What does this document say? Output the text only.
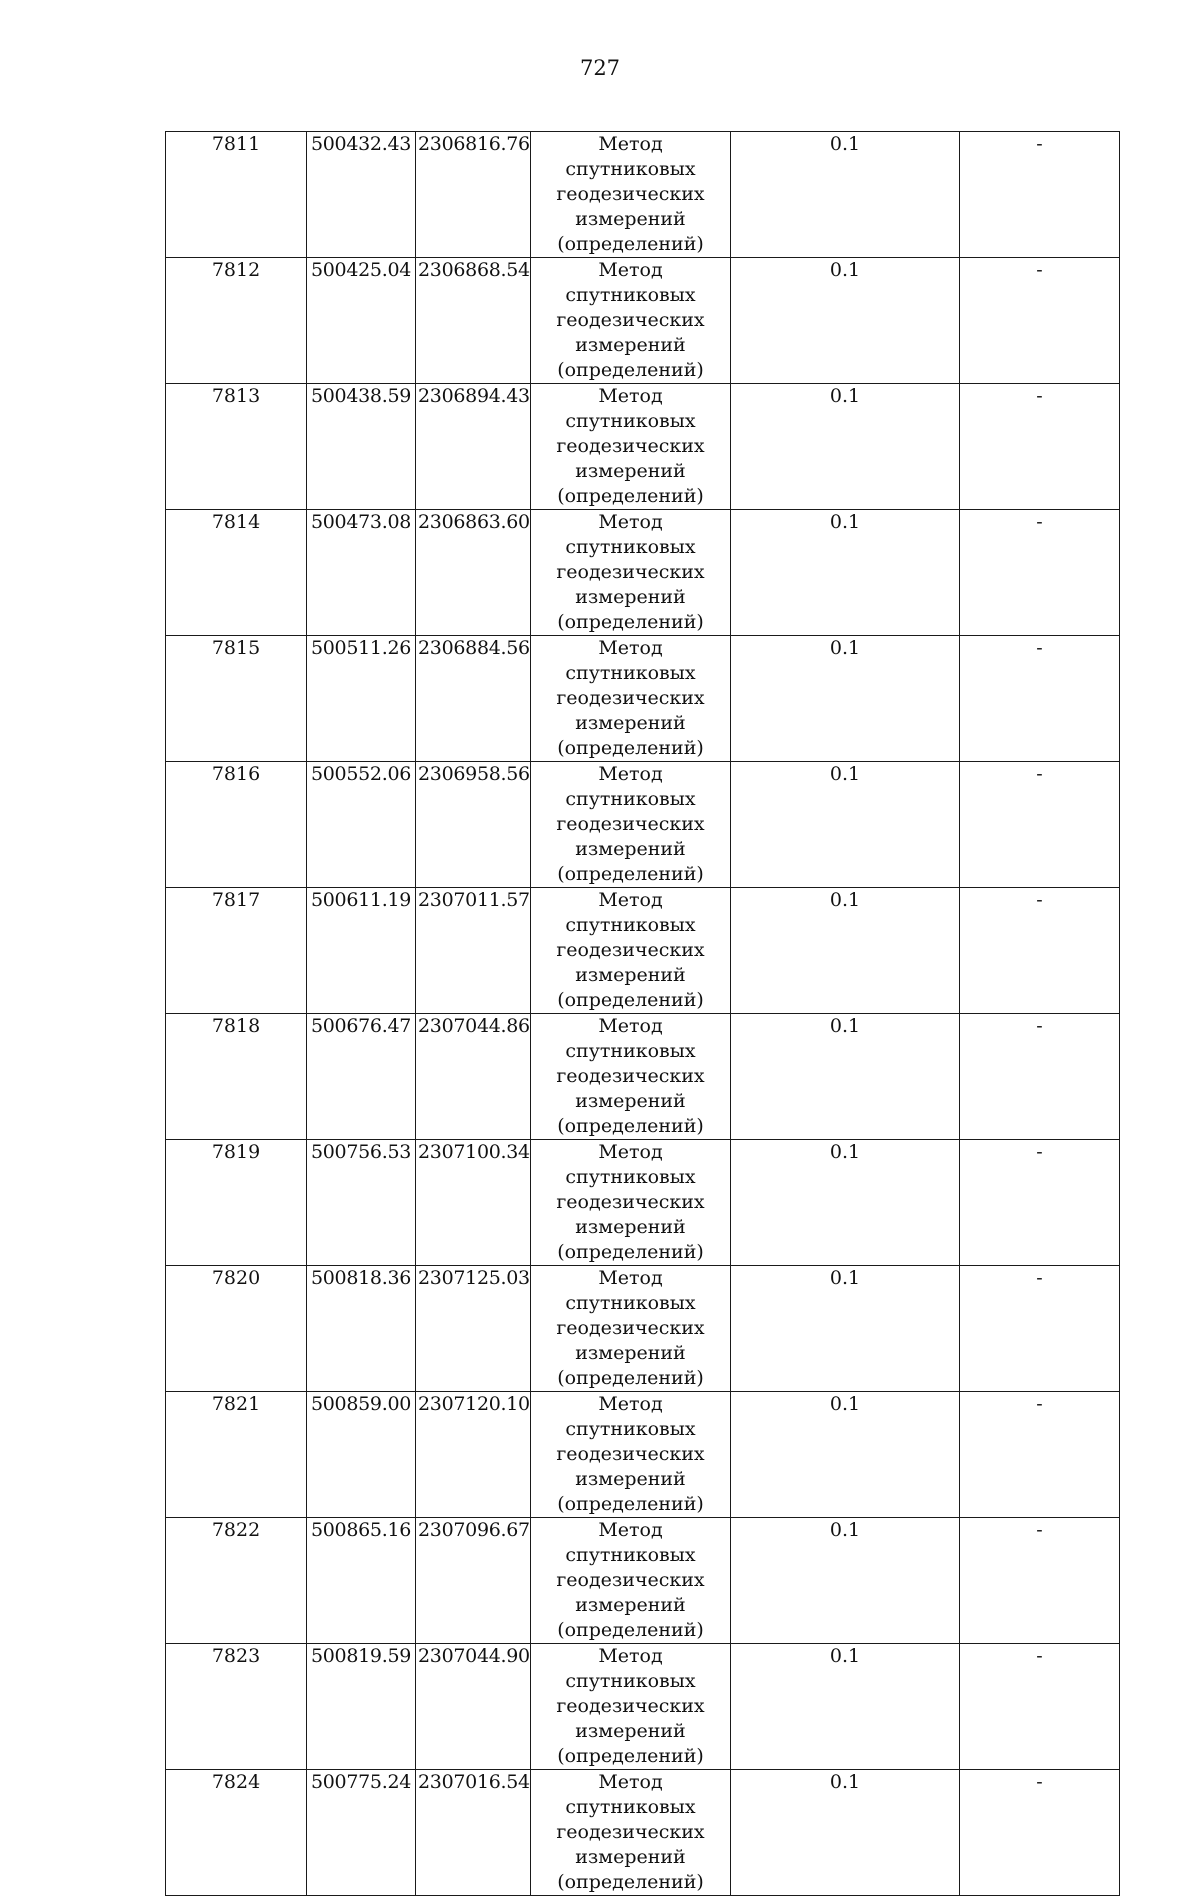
727
7811	500432.43	2306816.76	Метод спутниковых геодезических измерений (определений)	0.1	-
7812	500425.04	2306868.54	Метод спутниковых геодезических измерений (определений)	0.1	-
7813	500438.59	2306894.43	Метод спутниковых геодезических измерений (определений)	0.1	-
7814	500473.08	2306863.60	Метод спутниковых геодезических измерений (определений)	0.1	-
7815	500511.26	2306884.56	Метод спутниковых геодезических измерений (определений)	0.1	-
7816	500552.06	2306958.56	Метод спутниковых геодезических измерений (определений)	0.1	-
7817	500611.19	2307011.57	Метод спутниковых геодезических измерений (определений)	0.1	-
7818	500676.47	2307044.86	Метод спутниковых геодезических измерений (определений)	0.1	-
7819	500756.53	2307100.34	Метод спутниковых геодезических измерений (определений)	0.1	-
7820	500818.36	2307125.03	Метод спутниковых геодезических измерений (определений)	0.1	-
7821	500859.00	2307120.10	Метод спутниковых геодезических измерений (определений)	0.1	-
7822	500865.16	2307096.67	Метод спутниковых геодезических измерений (определений)	0.1	-
7823	500819.59	2307044.90	Метод спутниковых геодезических измерений (определений)	0.1	-
7824	500775.24	2307016.54	Метод спутниковых геодезических измерений (определений)	0.1	-
